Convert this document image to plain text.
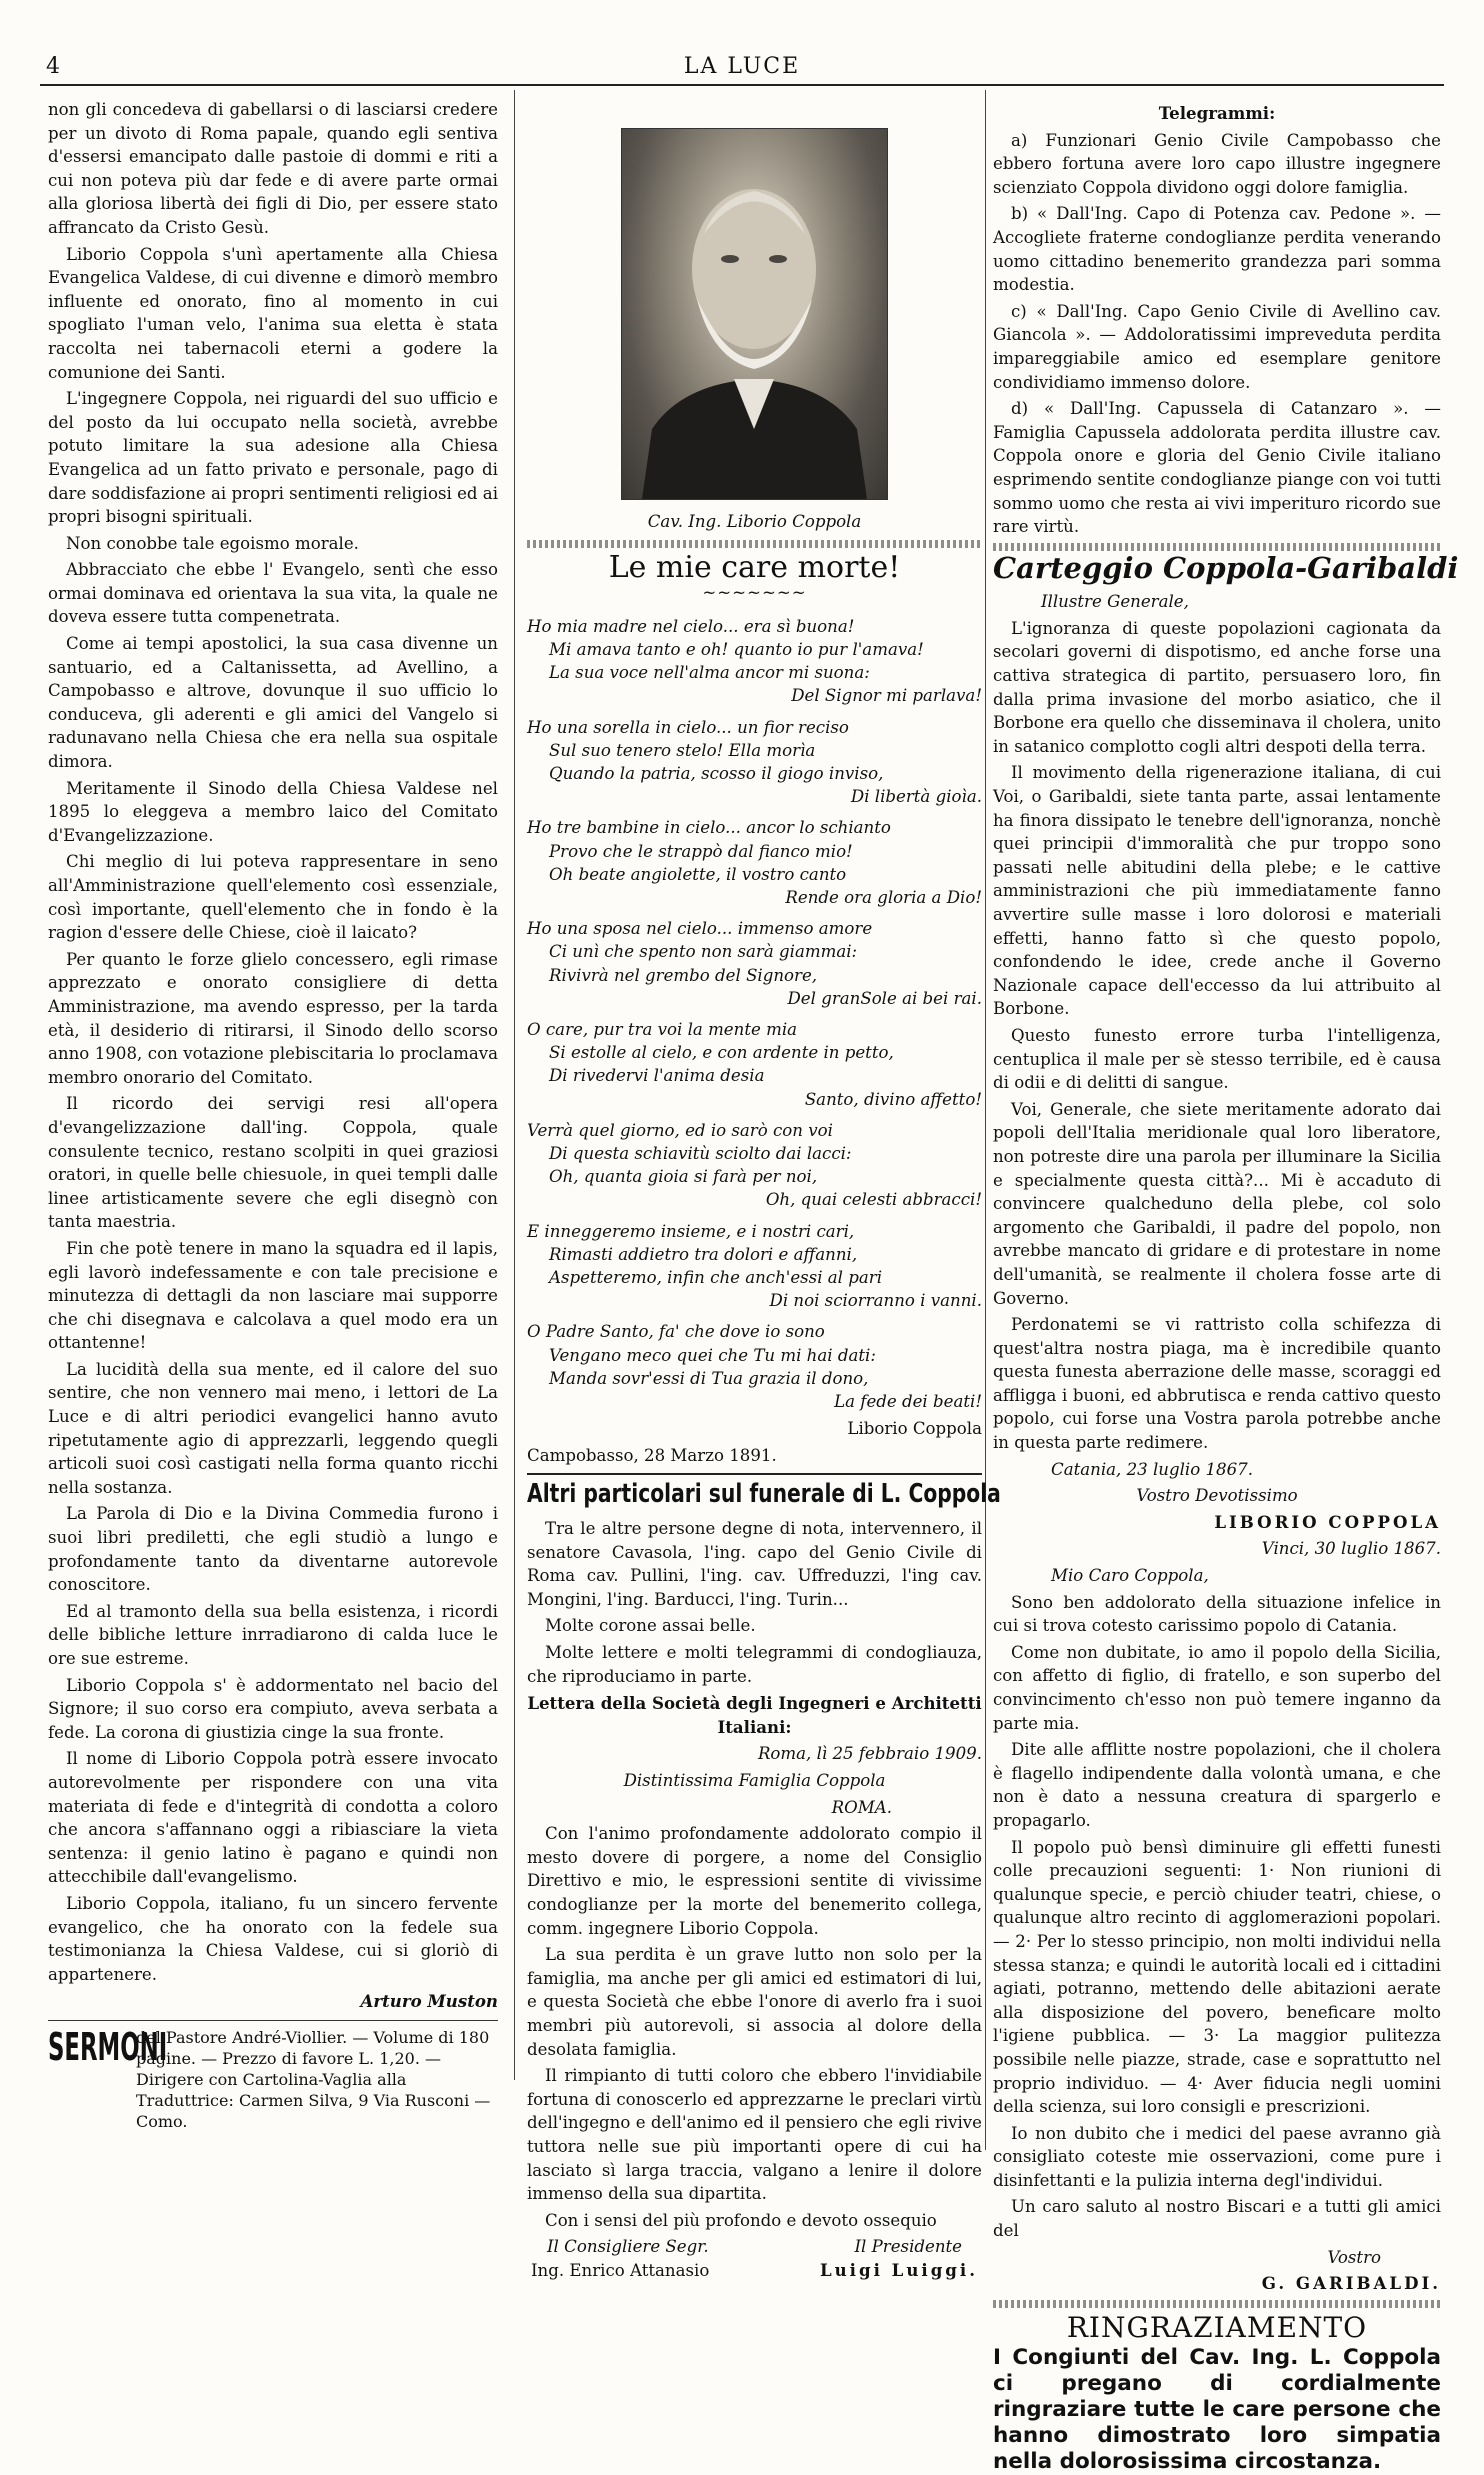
4	LA LUCE

non gli concedeva di gabellarsi o di lasciarsi credere per un divoto di Roma papale, quando egli sentiva d'essersi emancipato dalle pastoie di dommi e riti a cui non poteva più dar fede e di avere parte ormai alla gloriosa libertà dei figli di Dio, per essere stato affrancato da Cristo Gesù.

Liborio Coppola s'unì apertamente alla Chiesa Evangelica Valdese, di cui divenne e dimorò membro influente ed onorato, fino al momento in cui spogliato l'uman velo, l'anima sua eletta è stata raccolta nei tabernacoli eterni a godere la comunione dei Santi.

L'ingegnere Coppola, nei riguardi del suo ufficio e del posto da lui occupato nella società, avrebbe potuto limitare la sua adesione alla Chiesa Evangelica ad un fatto privato e personale, pago di dare soddisfazione ai propri sentimenti religiosi ed ai propri bisogni spirituali.

Non conobbe tale egoismo morale.

Abbracciato che ebbe l' Evangelo, sentì che esso ormai dominava ed orientava la sua vita, la quale ne doveva essere tutta compenetrata.

Come ai tempi apostolici, la sua casa divenne un santuario, ed a Caltanissetta, ad Avellino, a Campobasso e altrove, dovunque il suo ufficio lo conduceva, gli aderenti e gli amici del Vangelo si radunavano nella Chiesa che era nella sua ospitale dimora.

Meritamente il Sinodo della Chiesa Valdese nel 1895 lo eleggeva a membro laico del Comitato d'Evangelizzazione.

Chi meglio di lui poteva rappresentare in seno all'Amministrazione quell'elemento così essenziale, così importante, quell'elemento che in fondo è la ragion d'essere delle Chiese, cioè il laicato?

Per quanto le forze glielo concessero, egli rimase apprezzato e onorato consigliere di detta Amministrazione, ma avendo espresso, per la tarda età, il desiderio di ritirarsi, il Sinodo dello scorso anno 1908, con votazione plebiscitaria lo proclamava membro onorario del Comitato.

Il ricordo dei servigi resi all'opera d'evangelizzazione dall'ing. Coppola, quale consulente tecnico, restano scolpiti in quei graziosi oratori, in quelle belle chiesuole, in quei templi dalle linee artisticamente severe che egli disegnò con tanta maestria.

Fin che potè tenere in mano la squadra ed il lapis, egli lavorò indefessamente e con tale precisione e minutezza di dettagli da non lasciare mai supporre che chi disegnava e calcolava a quel modo era un ottantenne!

La lucidità della sua mente, ed il calore del suo sentire, che non vennero mai meno, i lettori de La Luce e di altri periodici evangelici hanno avuto ripetutamente agio di apprezzarli, leggendo quegli articoli suoi così castigati nella forma quanto ricchi nella sostanza.

La Parola di Dio e la Divina Commedia furono i suoi libri prediletti, che egli studiò a lungo e profondamente tanto da diventarne autorevole conoscitore.

Ed al tramonto della sua bella esistenza, i ricordi delle bibliche letture inrradiarono di calda luce le ore sue estreme.

Liborio Coppola s' è addormentato nel bacio del Signore; il suo corso era compiuto, aveva serbata a fede. La corona di giustizia cinge la sua fronte.

Il nome di Liborio Coppola potrà essere invocato autorevolmente per rispondere con una vita materiata di fede e d'integrità di condotta a coloro che ancora s'affannano oggi a ribiasciare la vieta sentenza: il genio latino è pagano e quindi non attecchibile dall'evangelismo.

Liborio Coppola, italiano, fu un sincero fervente evangelico, che ha onorato con la fedele sua testimonianza la Chiesa Valdese, cui si gloriò di appartenere.

Arturo Muston

SERMONI
del Pastore André-Viollier. — Volume di 180 pagine. — Prezzo di favore L. 1,20. — Dirigere con Cartolina-Vaglia alla Traduttrice: Carmen Silva, 9 Via Rusconi — Como.
Cav. Ing. Liborio Coppola
Le mie care morte!
~~~~~~~
Ho mia madre nel cielo... era sì buona!
Mi amava tanto e oh! quanto io pur l'amava!
La sua voce nell'alma ancor mi suona:
Del Signor mi parlava!
Ho una sorella in cielo... un fior reciso
Sul suo tenero stelo! Ella morìa
Quando la patria, scosso il giogo inviso,
Di libertà gioìa.
Ho tre bambine in cielo... ancor lo schianto
Provo che le strappò dal fianco mio!
Oh beate angiolette, il vostro canto
Rende ora gloria a Dio!
Ho una sposa nel cielo... immenso amore
Ci unì che spento non sarà giammai:
Rivivrà nel grembo del Signore,
Del granSole ai bei rai.
O care, pur tra voi la mente mia
Si estolle al cielo, e con ardente in petto,
Di rivedervi l'anima desia
Santo, divino affetto!
Verrà quel giorno, ed io sarò con voi
Di questa schiavitù sciolto dai lacci:
Oh, quanta gioia si farà per noi,
Oh, quai celesti abbracci!
E inneggeremo insieme, e i nostri cari,
Rimasti addietro tra dolori e affanni,
Aspetteremo, infin che anch'essi al pari
Di noi sciorranno i vanni.
O Padre Santo, fa' che dove io sono
Vengano meco quei che Tu mi hai dati:
Manda sovr'essi di Tua grazia il dono,
La fede dei beati!

Liborio Coppola

Campobasso, 28 Marzo 1891.

Altri particolari sul funerale di L. Coppola

Tra le altre persone degne di nota, intervennero, il senatore Cavasola, l'ing. capo del Genio Civile di Roma cav. Pullini, l'ing. cav. Uffreduzzi, l'ing cav. Mongini, l'ing. Barducci, l'ing. Turin...

Molte corone assai belle.

Molte lettere e molti telegrammi di condogliauza, che riproduciamo in parte.

Lettera della Società degli Ingegneri e Architetti Italiani:

Roma, lì 25 febbraio 1909.

Distintissima Famiglia Coppola

ROMA.

Con l'animo profondamente addolorato compio il mesto dovere di porgere, a nome del Consiglio Direttivo e mio, le espressioni sentite di vivissime condoglianze per la morte del benemerito collega, comm. ingegnere Liborio Coppola.

La sua perdita è un grave lutto non solo per la famiglia, ma anche per gli amici ed estimatori di lui, e questa Società che ebbe l'onore di averlo fra i suoi membri più autorevoli, si associa al dolore della desolata famiglia.

Il rimpianto di tutti coloro che ebbero l'invidiabile fortuna di conoscerlo ed apprezzarne le preclari virtù dell'ingegno e dell'animo ed il pensiero che egli rivive tuttora nelle sue più importanti opere di cui ha lasciato sì larga traccia, valgano a lenire il dolore immenso della sua dipartita.

Con i sensi del più profondo e devoto ossequio

Il Consigliere Segr.	Il Presidente
Ing. Enrico Attanasio	Luigi Luiggi.
Telegrammi:

a) Funzionari Genio Civile Campobasso che ebbero fortuna avere loro capo illustre ingegnere scienziato Coppola dividono oggi dolore famiglia.

b) « Dall'Ing. Capo di Potenza cav. Pedone ». — Accogliete fraterne condoglianze perdita venerando uomo cittadino benemerito grandezza pari somma modestia.

c) « Dall'Ing. Capo Genio Civile di Avellino cav. Giancola ». — Addoloratissimi impreveduta perdita impareggiabile amico ed esemplare genitore condividiamo immenso dolore.

d) « Dall'Ing. Capussela di Catanzaro ». — Famiglia Capussela addolorata perdita illustre cav. Coppola onore e gloria del Genio Civile italiano esprimendo sentite condoglianze piange con voi tutti sommo uomo che resta ai vivi imperituro ricordo sue rare virtù.

Carteggio Coppola-Garibaldi

Illustre Generale,

L'ignoranza di queste popolazioni cagionata da secolari governi di dispotismo, ed anche forse una cattiva strategica di partito, persuasero loro, fin dalla prima invasione del morbo asiatico, che il Borbone era quello che disseminava il cholera, unito in satanico complotto cogli altri despoti della terra.

Il movimento della rigenerazione italiana, di cui Voi, o Garibaldi, siete tanta parte, assai lentamente ha finora dissipato le tenebre dell'ignoranza, nonchè quei principii d'immoralità che pur troppo sono passati nelle abitudini della plebe; e le cattive amministrazioni che più immediatamente fanno avvertire sulle masse i loro dolorosi e materiali effetti, hanno fatto sì che questo popolo, confondendo le idee, crede anche il Governo Nazionale capace dell'eccesso da lui attribuito al Borbone.

Questo funesto errore turba l'intelligenza, centuplica il male per sè stesso terribile, ed è causa di odii e di delitti di sangue.

Voi, Generale, che siete meritamente adorato dai popoli dell'Italia meridionale qual loro liberatore, non potreste dire una parola per illuminare la Sicilia e specialmente questa città?... Mi è accaduto di convincere qualcheduno della plebe, col solo argomento che Garibaldi, il padre del popolo, non avrebbe mancato di gridare e di protestare in nome dell'umanità, se realmente il cholera fosse arte di Governo.

Perdonatemi se vi rattristo colla schifezza di quest'altra nostra piaga, ma è incredibile quanto questa funesta aberrazione delle masse, scoraggi ed affligga i buoni, ed abbrutisca e renda cattivo questo popolo, cui forse una Vostra parola potrebbe anche in questa parte redimere.

Catania, 23 luglio 1867.

Vostro Devotissimo

LIBORIO COPPOLA

Vinci, 30 luglio 1867.

Mio Caro Coppola,

Sono ben addolorato della situazione infelice in cui si trova cotesto carissimo popolo di Catania.

Come non dubitate, io amo il popolo della Sicilia, con affetto di figlio, di fratello, e son superbo del convincimento ch'esso non può temere inganno da parte mia.

Dite alle afflitte nostre popolazioni, che il cholera è flagello indipendente dalla volontà umana, e che non è dato a nessuna creatura di spargerlo e propagarlo.

Il popolo può bensì diminuire gli effetti funesti colle precauzioni seguenti: 1· Non riunioni di qualunque specie, e perciò chiuder teatri, chiese, o qualunque altro recinto di agglomerazioni popolari. — 2· Per lo stesso principio, non molti individui nella stessa stanza; e quindi le autorità locali ed i cittadini agiati, potranno, mettendo delle abitazioni aerate alla disposizione del povero, beneficare molto l'igiene pubblica. — 3· La maggior pulitezza possibile nelle piazze, strade, case e soprattutto nel proprio individuo. — 4· Aver fiducia negli uomini della scienza, sui loro consigli e prescrizioni.

Io non dubito che i medici del paese avranno già consigliato coteste mie osservazioni, come pure i disinfettanti e la pulizia interna degl'individui.

Un caro saluto al nostro Biscari e a tutti gli amici del

Vostro

G. GARIBALDI.

RINGRAZIAMENTO
I Congiunti del Cav. Ing. L. Coppola ci pregano di cordialmente ringraziare tutte le care persone che hanno dimostrato loro simpatia nella dolorosissima circostanza.
